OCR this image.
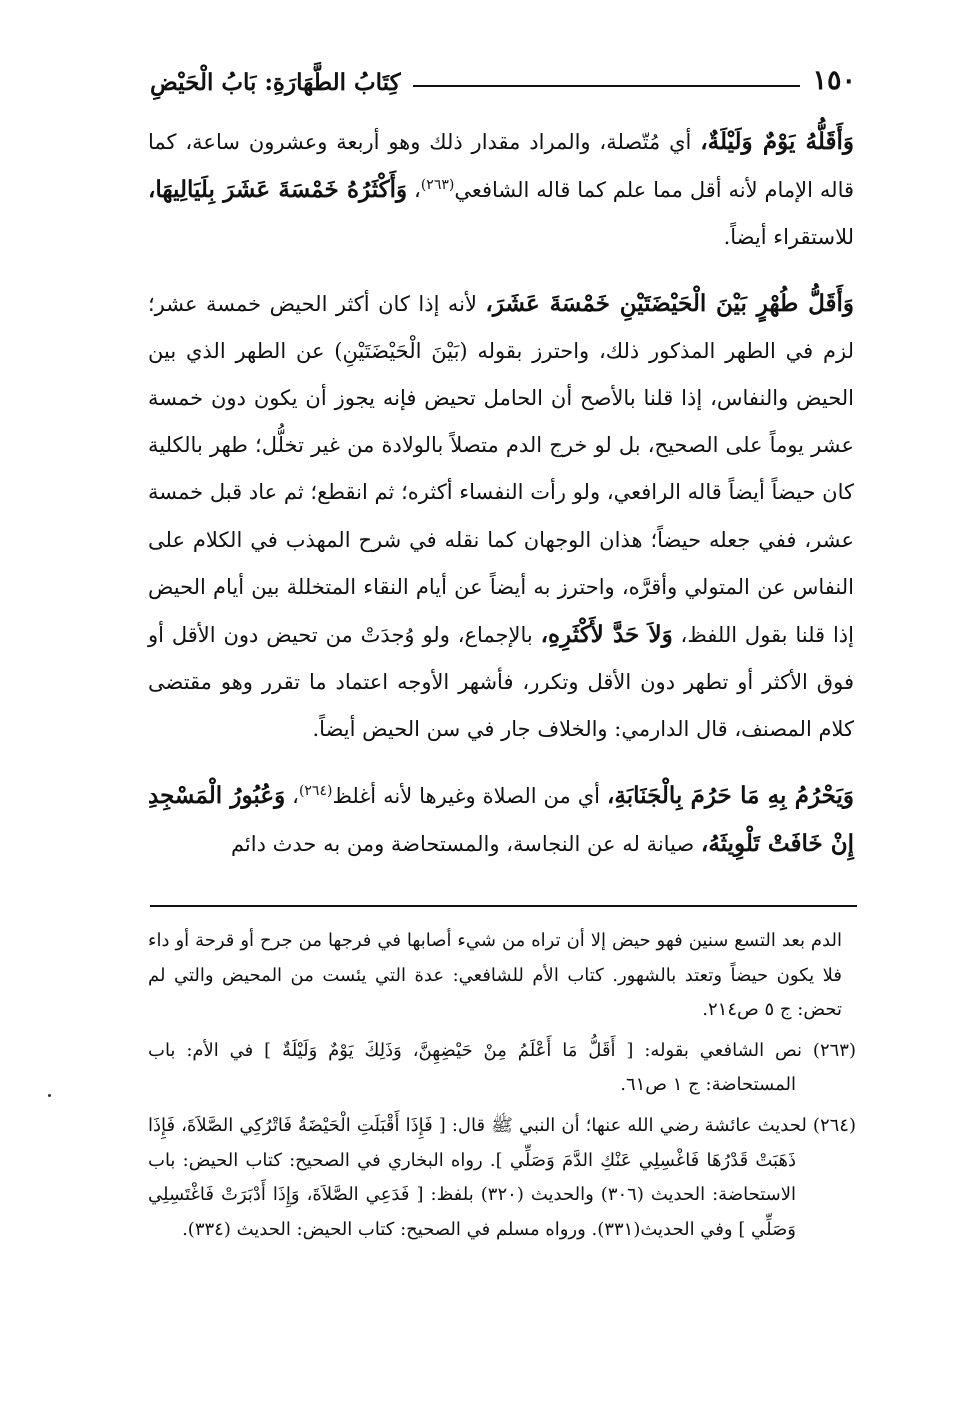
١٥٠
كِتَابُ الطَّهَارَةِ: بَابُ الْحَيْضِ

وَأَقَلُّهُ يَوْمٌ وَلَيْلَةٌ، أي مُتّصلة، والمراد مقدار ذلك وهو أربعة وعشرون ساعة، كما قاله الإمام لأنه أقل مما علم كما قاله الشافعي$^{(٢٦٣)}$، وَأَكْثَرُهُ خَمْسَةَ عَشَرَ بِلَيَالِيهَا، للاستقراء أيضاً.

وَأَقَلُّ طُهْرٍ بَيْنَ الْحَيْضَتَيْنِ خَمْسَةَ عَشَرَ، لأنه إذا كان أكثر الحيض خمسة عشر؛ لزم في الطهر المذكور ذلك، واحترز بقوله (بَيْنَ الْحَيْضَتَيْنِ) عن الطهر الذي بين الحيض والنفاس، إذا قلنا بالأصح أن الحامل تحيض فإنه يجوز أن يكون دون خمسة عشر يوماً على الصحيح، بل لو خرج الدم متصلاً بالولادة من غير تخلُّل؛ طهر بالكلية كان حيضاً أيضاً قاله الرافعي، ولو رأت النفساء أكثره؛ ثم انقطع؛ ثم عاد قبل خمسة عشر، ففي جعله حيضاً؛ هذان الوجهان كما نقله في شرح المهذب في الكلام على النفاس عن المتولي وأقرَّه، واحترز به أيضاً عن أيام النقاء المتخللة بين أيام الحيض إذا قلنا بقول اللفظ، وَلاَ حَدَّ لأَكْثَرِهِ، بالإجماع، ولو وُجدَتْ من تحيض دون الأقل أو فوق الأكثر أو تطهر دون الأقل وتكرر، فأشهر الأوجه اعتماد ما تقرر وهو مقتضى كلام المصنف، قال الدارمي: والخلاف جار في سن الحيض أيضاً.

وَيَحْرُمُ بِهِ مَا حَرُمَ بِالْجَنَابَةِ، أي من الصلاة وغيرها لأنه أغلظ$^{(٢٦٤)}$، وَعُبُورُ الْمَسْجِدِ إِنْ خَافَتْ تَلْوِيثَهُ، صيانة له عن النجاسة، والمستحاضة ومن به حدث دائم

الدم بعد التسع سنين فهو حيض إلا أن تراه من شيء أصابها في فرجها من جرح أو قرحة أو داء فلا يكون حيضاً وتعتد بالشهور. كتاب الأم للشافعي: عدة التي يئست من المحيض والتي لم تحض: ج ٥ ص٢١٤.

(٢٦٣) نص الشافعي بقوله: [ أَقَلُّ مَا أَعْلَمُ مِنْ حَيْضِهِنَّ، وَذَلِكَ يَوْمٌ وَلَيْلَةٌ ] في الأم: باب المستحاضة: ج ١ ص٦١.

(٢٦٤) لحديث عائشة رضي الله عنها؛ أن النبي ﷺ قال: [ فَإِذَا أَقْبَلَتِ الْحَيْضَةُ فَاتْرُكِي الصَّلاَةَ، فَإِذَا ذَهَبَتْ قَدْرُهَا فَاغْسِلِي عَنْكِ الدَّمَ وَصَلِّي ]. رواه البخاري في الصحيح: كتاب الحيض: باب الاستحاضة: الحديث (٣٠٦) والحديث (٣٢٠) بلفظ: [ فَدَعِي الصَّلاَةَ، وَإِذَا أَدْبَرَتْ فَاغْتَسِلِي وَصَلِّي ] وفي الحديث(٣٣١). ورواه مسلم في الصحيح: كتاب الحيض: الحديث (٣٣٤).
